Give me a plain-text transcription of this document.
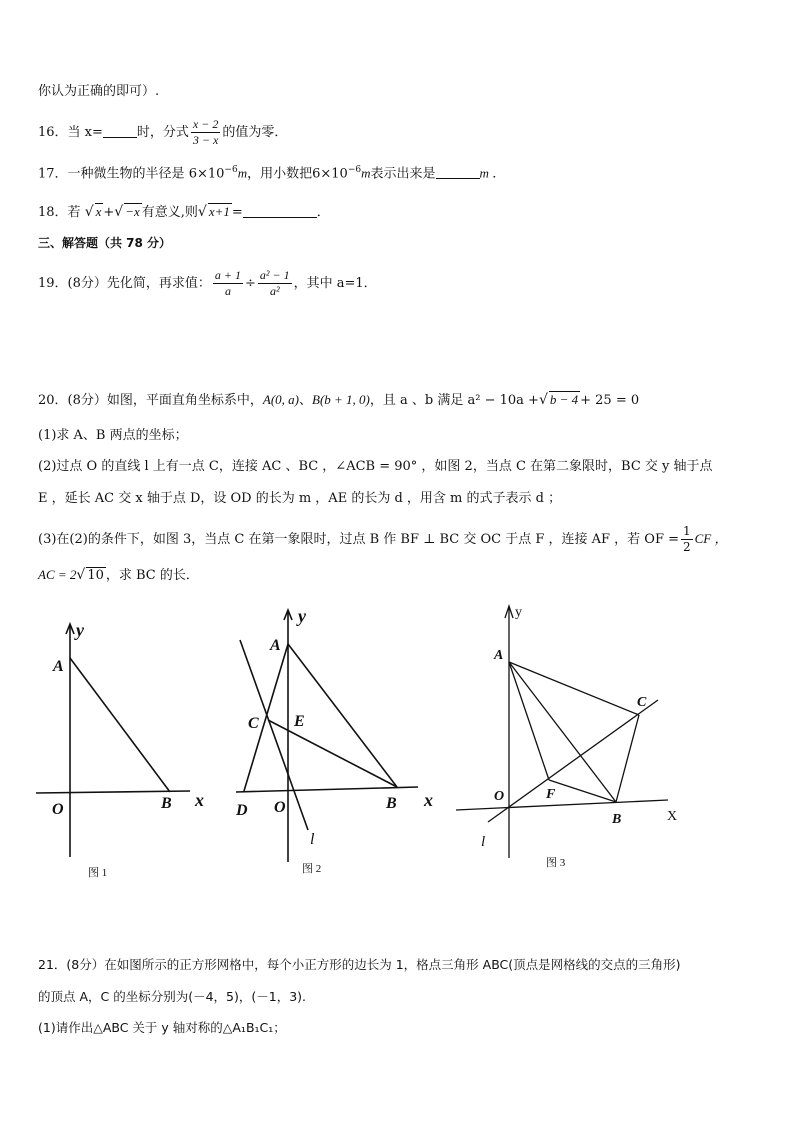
你认为正确的即可）.
16．当 x=	时，分式 $\frac{x - 2}{3 - x}$ 的值为零．
17．一种微生物的半径是 $6\times 10^{-6}m$，用小数把$6\times 10^{-6}m$表示出来是	m ．
18．若 √ x +√ −x 有意义,则√ x+1 =	．
三、解答题（共 78 分）
19．(8分）先化简，再求值： $\frac{a + 1}{a} \div \frac{\text{a² − 1}}{\text{a²}}$ ，其中 a=1．
20．(8分）如图，平面直角坐标系中，A(0, a)、B(b + 1, 0)，且 a 、b 满足 a² − 10a +√ b − 4 + 25 = 0
(1)求 A、B 两点的坐标；
(2)过点 O 的直线 l 上有一点 C，连接 AC 、BC ，∠ACB = 90° ，如图 2，当点 C 在第二象限时，BC 交 y 轴于点
E ，延长 AC 交 x 轴于点 D，设 OD 的长为 m ，AE 的长为 d ，用含 m 的式子表示 d ；
(3)在(2)的条件下，如图 3，当点 C 在第一象限时，过点 B 作 BF ⊥ BC 交 OC 于点 F ，连接 AF ，若 OF = $\frac{1}{2}$ CF ，
AC = 2√ 10 ，求 BC 的长．
y
A
O	B x
图 1
y
A
C E
D O	B x
l
图 2
y
A
C
F
O
B	X
l
图 3
21．(8分）在如图所示的正方形网格中，每个小正方形的边长为 1，格点三角形 ABC(顶点是网格线的交点的三角形)
的顶点 A，C 的坐标分别为(－4，5)，(－1，3).
(1)请作出△ABC 关于 y 轴对称的△A₁B₁C₁；
